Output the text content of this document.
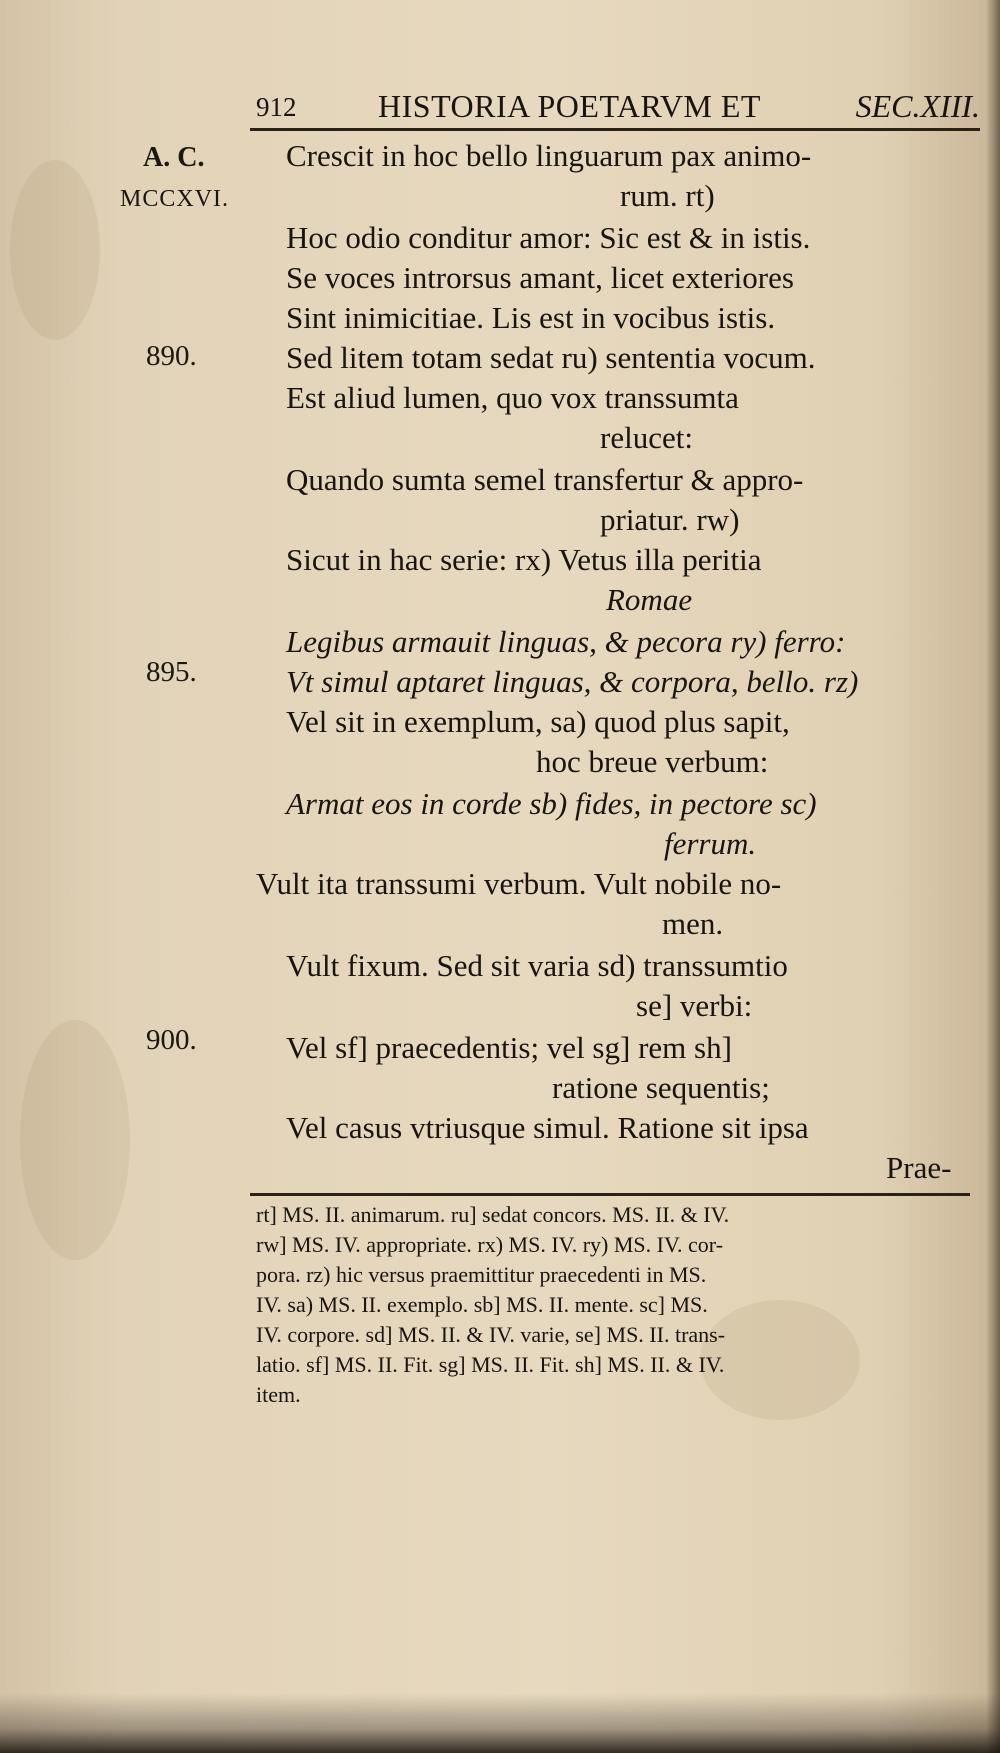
912	HISTORIA POETARVM ET	SEC.XIII.
A. C.
MCCXVI.
890.
895.
900.
Crescit in hoc bello linguarum pax animo-
rum. rt)
Hoc odio conditur amor: Sic est & in istis.
Se voces introrsus amant, licet exteriores
Sint inimicitiae. Lis est in vocibus istis.
Sed litem totam sedat ru) sententia vocum.
Est aliud lumen, quo vox transsumta
relucet:
Quando sumta semel transfertur & appro-
priatur. rw)
Sicut in hac serie: rx) Vetus illa peritia
Romae
Legibus armauit linguas, & pecora ry) ferro:
Vt simul aptaret linguas, & corpora, bello. rz)
Vel sit in exemplum, sa) quod plus sapit,
hoc breue verbum:
Armat eos in corde sb) fides, in pectore sc)
ferrum.
Vult ita transsumi verbum. Vult nobile no-
men.
Vult fixum. Sed sit varia sd) transsumtio
se] verbi:
Vel sf] praecedentis; vel sg] rem sh]
ratione sequentis;
Vel casus vtriusque simul. Ratione sit ipsa
Prae-
rt] MS. II. animarum. ru] sedat concors. MS. II. & IV.
rw] MS. IV. appropriate. rx) MS. IV. ry) MS. IV. cor-
pora. rz) hic versus praemittitur praecedenti in MS.
IV. sa) MS. II. exemplo. sb] MS. II. mente. sc] MS.
IV. corpore. sd] MS. II. & IV. varie, se] MS. II. trans-
latio. sf] MS. II. Fit. sg] MS. II. Fit. sh] MS. II. & IV.
item.
